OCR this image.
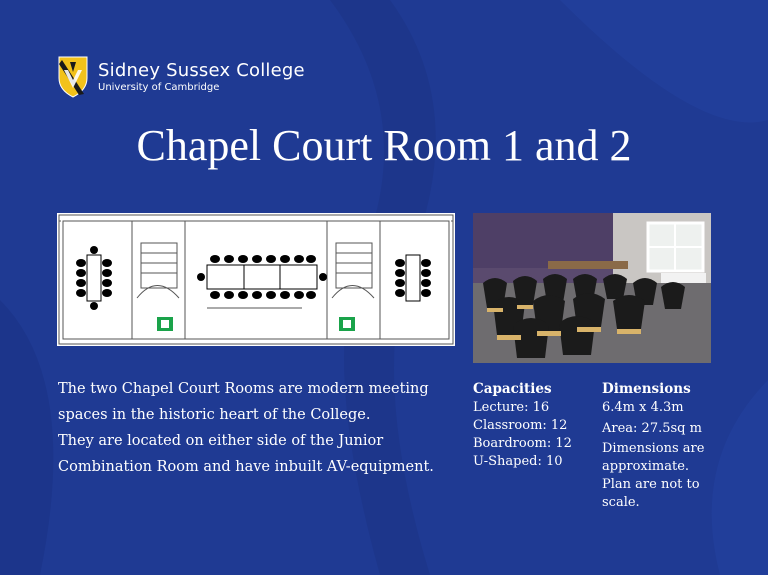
Sidney Sussex College
University of Cambridge
Chapel Court Room 1 and 2

The two Chapel Court Rooms are modern meeting spaces in the historic heart of the College.

They are located on either side of the Junior Combination Room and have inbuilt AV-equipment.

Capacities
Lecture: 16
Classroom: 12
Boardroom: 12
U-Shaped: 10
Dimensions
6.4m x 4.3m
Area: 27.5sq m
Dimensions are approximate. Plan are not to scale.
